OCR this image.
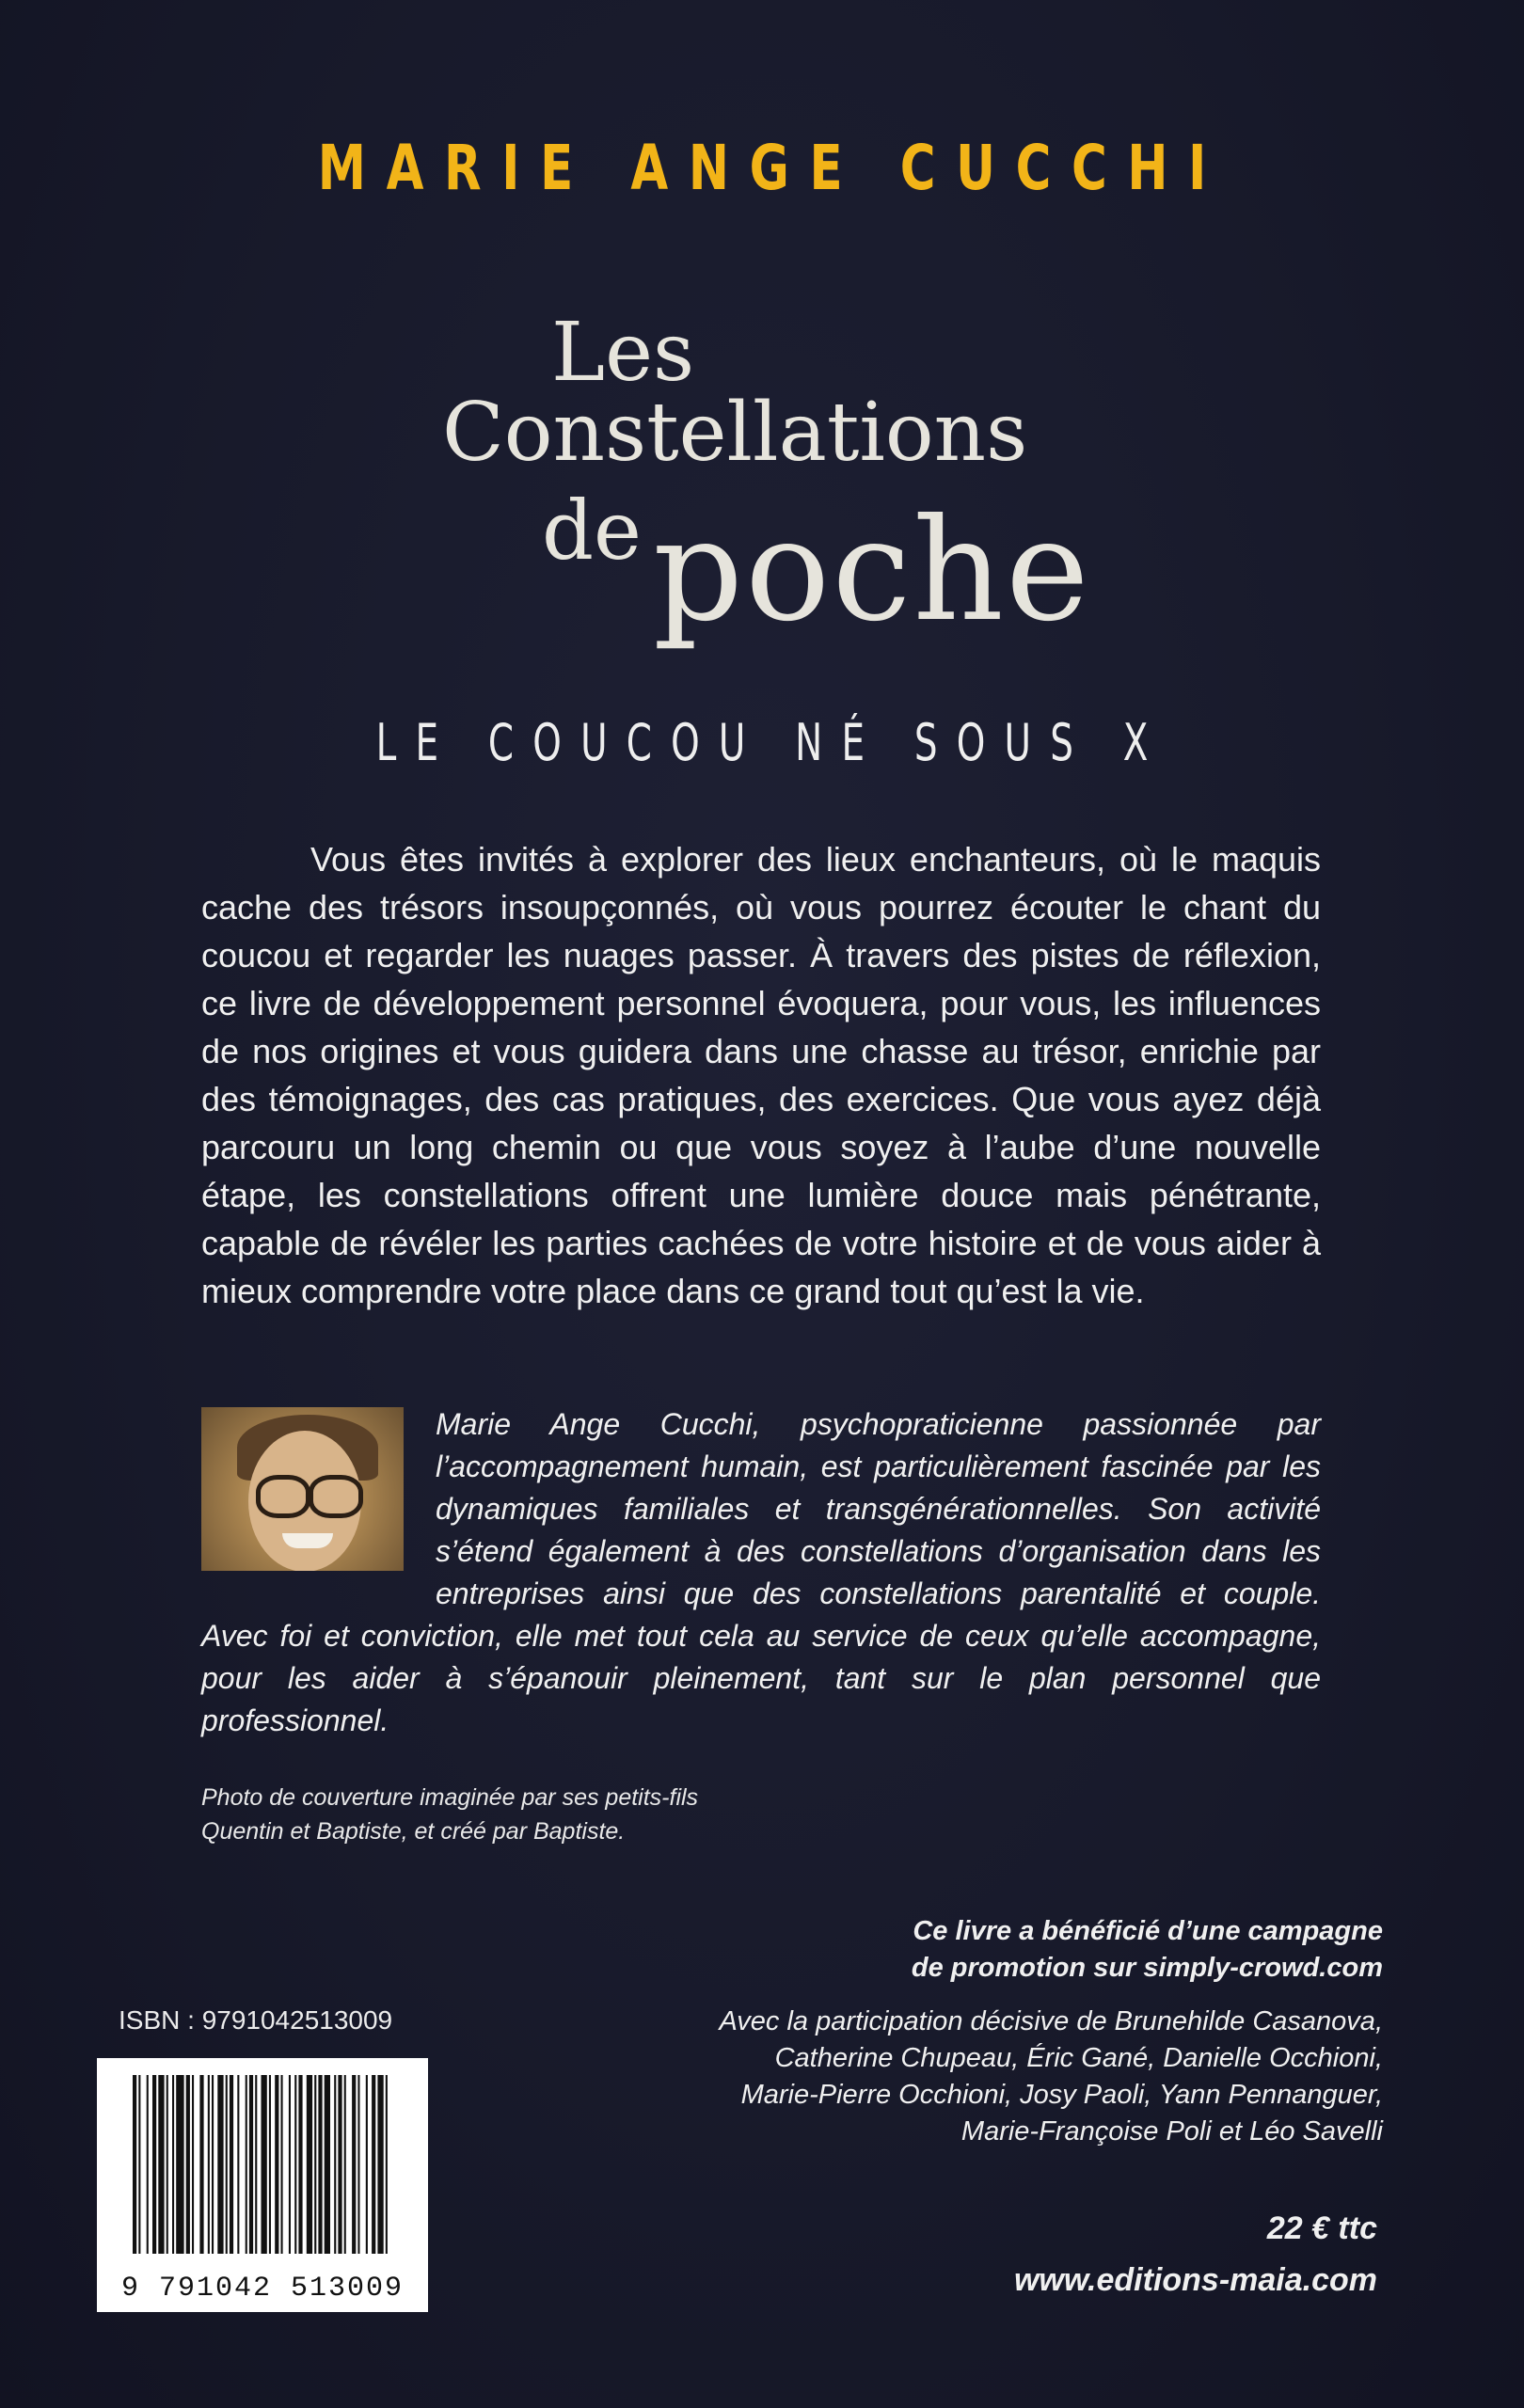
MARIE ANGE CUCCHI
Les
Constellations
de poche
LE COUCOU NÉ SOUS X

Vous êtes invités à explorer des lieux enchanteurs, où le maquis cache des trésors insoupçonnés, où vous pourrez écouter le chant du coucou et regarder les nuages passer. À travers des pistes de réflexion, ce livre de développement personnel évoquera, pour vous, les influences de nos origines et vous guidera dans une chasse au trésor, enrichie par des témoignages, des cas pratiques, des exercices. Que vous ayez déjà parcouru un long chemin ou que vous soyez à l’aube d’une nouvelle étape, les constellations offrent une lumière douce mais pénétrante, capable de révéler les parties cachées de votre histoire et de vous aider à mieux comprendre votre place dans ce grand tout qu’est la vie.

Marie Ange Cucchi, psychopraticienne passionnée par l’accompagnement humain, est particulièrement fascinée par les dynamiques familiales et transgénérationnelles. Son activité s’étend également à des constellations d’organisation dans les entreprises ainsi que des constellations parentalité et couple. Avec foi et conviction, elle met tout cela au service de ceux qu’elle accompagne, pour les aider à s’épanouir pleinement, tant sur le plan personnel que professionnel.
Photo de couverture imaginée par ses petits-fils
Quentin et Baptiste, et créé par Baptiste.
Ce livre a bénéficié d’une campagne
de promotion sur simply-crowd.com
Avec la participation décisive de Brunehilde Casanova,
Catherine Chupeau, Éric Gané, Danielle Occhioni,
Marie-Pierre Occhioni, Josy Paoli, Yann Pennanguer,
Marie-Françoise Poli et Léo Savelli
ISBN : 9791042513009
9 791042 513009
22 € ttc
www.editions-maia.com
